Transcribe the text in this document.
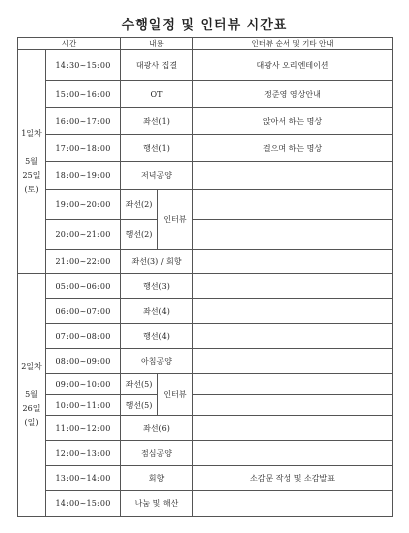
수행일정 및 인터뷰 시간표
시간		내용		인터뷰 순서 및 기타 안내
1일차
5월
25일
(토)	14:30~15:00	대광사 집결		대광사 오리엔테이션
	15:00~16:00	OT		정준영 영상안내
	16:00~17:00	좌선(1)		앉아서 하는 명상
	17:00~18:00	행선(1)		걸으며 하는 명상
	18:00~19:00	저녁공양		
	19:00~20:00	좌선(2)	인터뷰	
	20:00~21:00	행선(2)		
	21:00~22:00	좌선(3) / 회향		
2일차
5월
26일
(일)	05:00~06:00	행선(3)		
	06:00~07:00	좌선(4)		
	07:00~08:00	행선(4)		
	08:00~09:00	아침공양		
	09:00~10:00	좌선(5)	인터뷰	
	10:00~11:00	행선(5)		
	11:00~12:00	좌선(6)		
	12:00~13:00	점심공양		
	13:00~14:00	회향		소감문 작성 및 소감발표
	14:00~15:00	나눔 및 해산		
